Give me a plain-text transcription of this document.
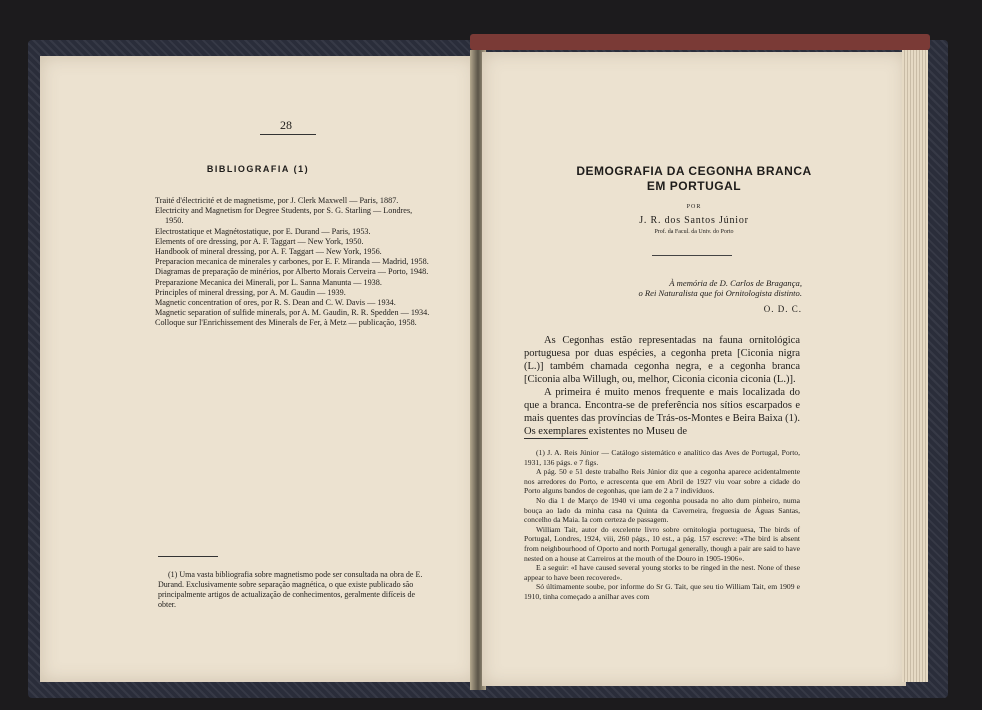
28
BIBLIOGRAFIA (1)
Traité d'électricité et de magnetisme, por J. Clerk Maxwell — Paris, 1887.
Electricity and Magnetism for Degree Students, por S. G. Starling — Londres, 1950.
Electrostatique et Magnétostatique, por E. Durand — Paris, 1953.
Elements of ore dressing, por A. F. Taggart — New York, 1950.
Handbook of mineral dressing, por A. F. Taggart — New York, 1956.
Preparacion mecanica de minerales y carbones, por E. F. Miranda — Madrid, 1958.
Diagramas de preparação de minérios, por Alberto Morais Cerveira — Porto, 1948.
Preparazione Mecanica dei Minerali, por L. Sanna Manunta — 1938.
Principles of mineral dressing, por A. M. Gaudin — 1939.
Magnetic concentration of ores, por R. S. Dean and C. W. Davis — 1934.
Magnetic separation of sulfide minerals, por A. M. Gaudin, R. R. Spedden — 1934.
Colloque sur l'Enrichissement des Minerals de Fer, à Metz — publicação, 1958.
(1) Uma vasta bibliografia sobre magnetismo pode ser consultada na obra de E. Durand. Exclusivamente sobre separação magnética, o que existe publicado são principalmente artigos de actualização de conhecimentos, geralmente difíceis de obter.
DEMOGRAFIA DA CEGONHA BRANCA
EM PORTUGAL
POR
J. R. dos Santos Júnior
Prof. da Facul. da Univ. do Porto
À memória de D. Carlos de Bragança,
o Rei Naturalista que foi Ornitologista distinto.
O. D. C.

As Cegonhas estão representadas na fauna ornitológica portuguesa por duas espécies, a cegonha preta [Ciconia nigra (L.)] também chamada cegonha negra, e a cegonha branca [Ciconia alba Willugh, ou, melhor, Ciconia ciconia ciconia (L.)].

A primeira é muito menos frequente e mais localizada do que a branca. Encontra-se de preferência nos sítios escarpados e mais quentes das províncias de Trás-os-Montes e Beira Baixa (1). Os exemplares existentes no Museu de

(1) J. A. Reis Júnior — Catálogo sistemático e analítico das Aves de Portugal, Porto, 1931, 136 págs. e 7 figs.

A pág. 50 e 51 deste trabalho Reis Júnior diz que a cegonha aparece acidentalmente nos arredores do Porto, e acrescenta que em Abril de 1927 viu voar sobre a cidade do Porto alguns bandos de cegonhas, que iam de 2 a 7 indivíduos.

No dia 1 de Março de 1940 vi uma cegonha pousada no alto dum pinheiro, numa bouça ao lado da minha casa na Quinta da Caverneira, freguesia de Águas Santas, concelho da Maia. Ia com certeza de passagem.

William Tait, autor do excelente livro sobre ornitologia portuguesa, The birds of Portugal, Londres, 1924, viii, 260 págs., 10 est., a pág. 157 escreve: «The bird is absent from neighbourhood of Oporto and north Portugal generally, though a pair are said to have nested on a house at Carreiros at the mouth of the Douro in 1905-1906».

E a seguir: «I have caused several young storks to be ringed in the nest. None of these appear to have been recovered».

Só últimamente soube, por informe do Sr G. Tait, que seu tio William Tait, em 1909 e 1910, tinha começado a anilhar aves com
